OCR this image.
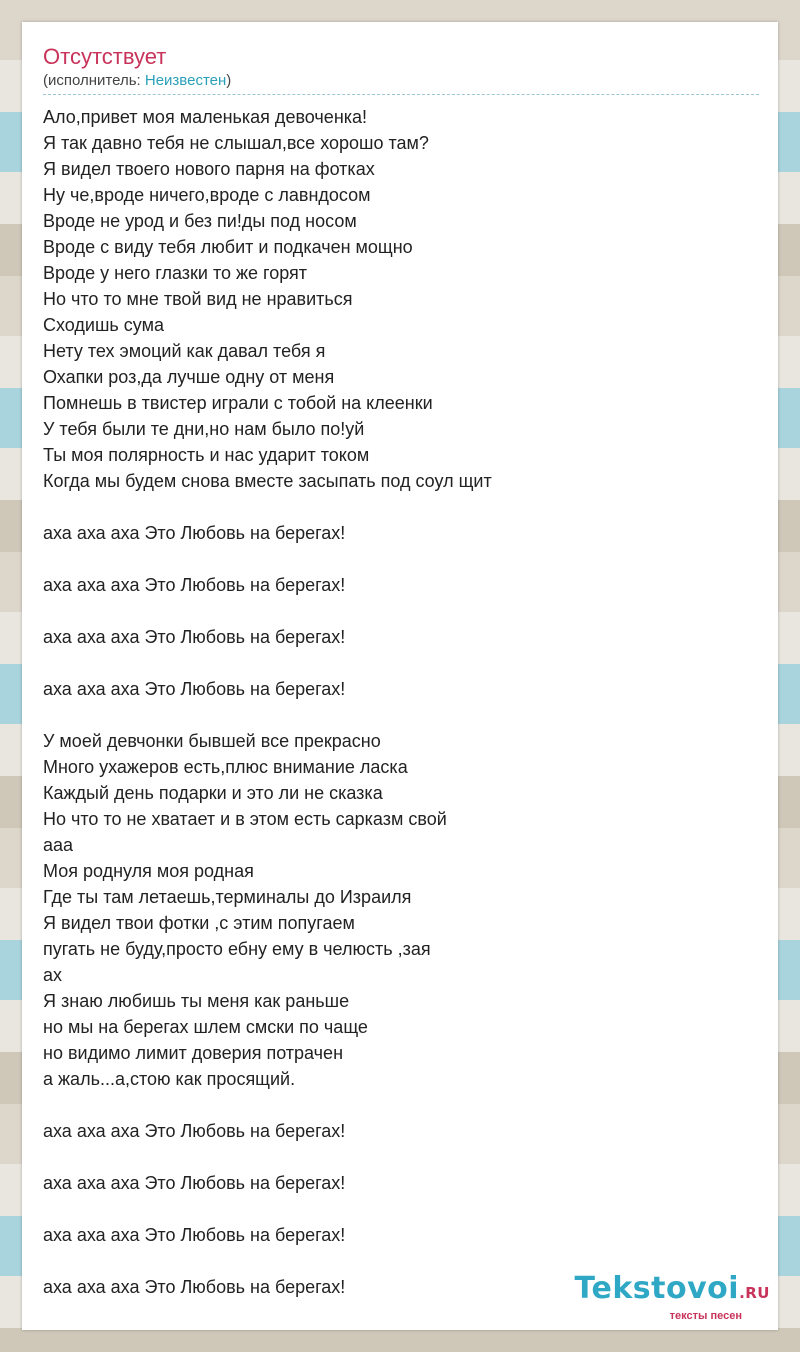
Отсутствует
(исполнитель: Неизвестен)
Ало,привет моя маленькая девоченка!
Я так давно тебя не слышал,все хорошо там?
Я видел твоего нового парня на фотках
Ну че,вроде ничего,вроде с лавндосом
Вроде не урод и без пи!ды под носом
Вроде с виду тебя любит и подкачен мощно
Вроде у него глазки то же горят
Но что то мне твой вид не нравиться
Сходишь сума
Нету тех эмоций как давал тебя я
Охапки роз,да лучше одну от меня
Помнешь в твистер играли с тобой на клеенки
У тебя были те дни,но нам было по!уй
Ты моя полярность и нас ударит током
Когда мы будем снова вместе засыпать под соул щит
аха аха аха Это Любовь на берегах!
аха аха аха Это Любовь на берегах!
аха аха аха Это Любовь на берегах!
аха аха аха Это Любовь на берегах!
У моей девчонки бывшей все прекрасно
Много ухажеров есть,плюс внимание ласка
Каждый день подарки и это ли не сказка
Но что то не хватает и в этом есть сарказм свой
ааа
Моя роднуля моя родная
Где ты там летаешь,терминалы до Израиля
Я видел твои фотки ,с этим попугаем
пугать не буду,просто ебну ему в челюсть ,зая
ах
Я знаю любишь ты меня как раньше
но мы на берегах шлем смски по чаще
но видимо лимит доверия потрачен
а жаль...а,стою как просящий.
аха аха аха Это Любовь на берегах!
аха аха аха Это Любовь на берегах!
аха аха аха Это Любовь на берегах!
аха аха аха Это Любовь на берегах!	Tekstovoi.RU
тексты песен
